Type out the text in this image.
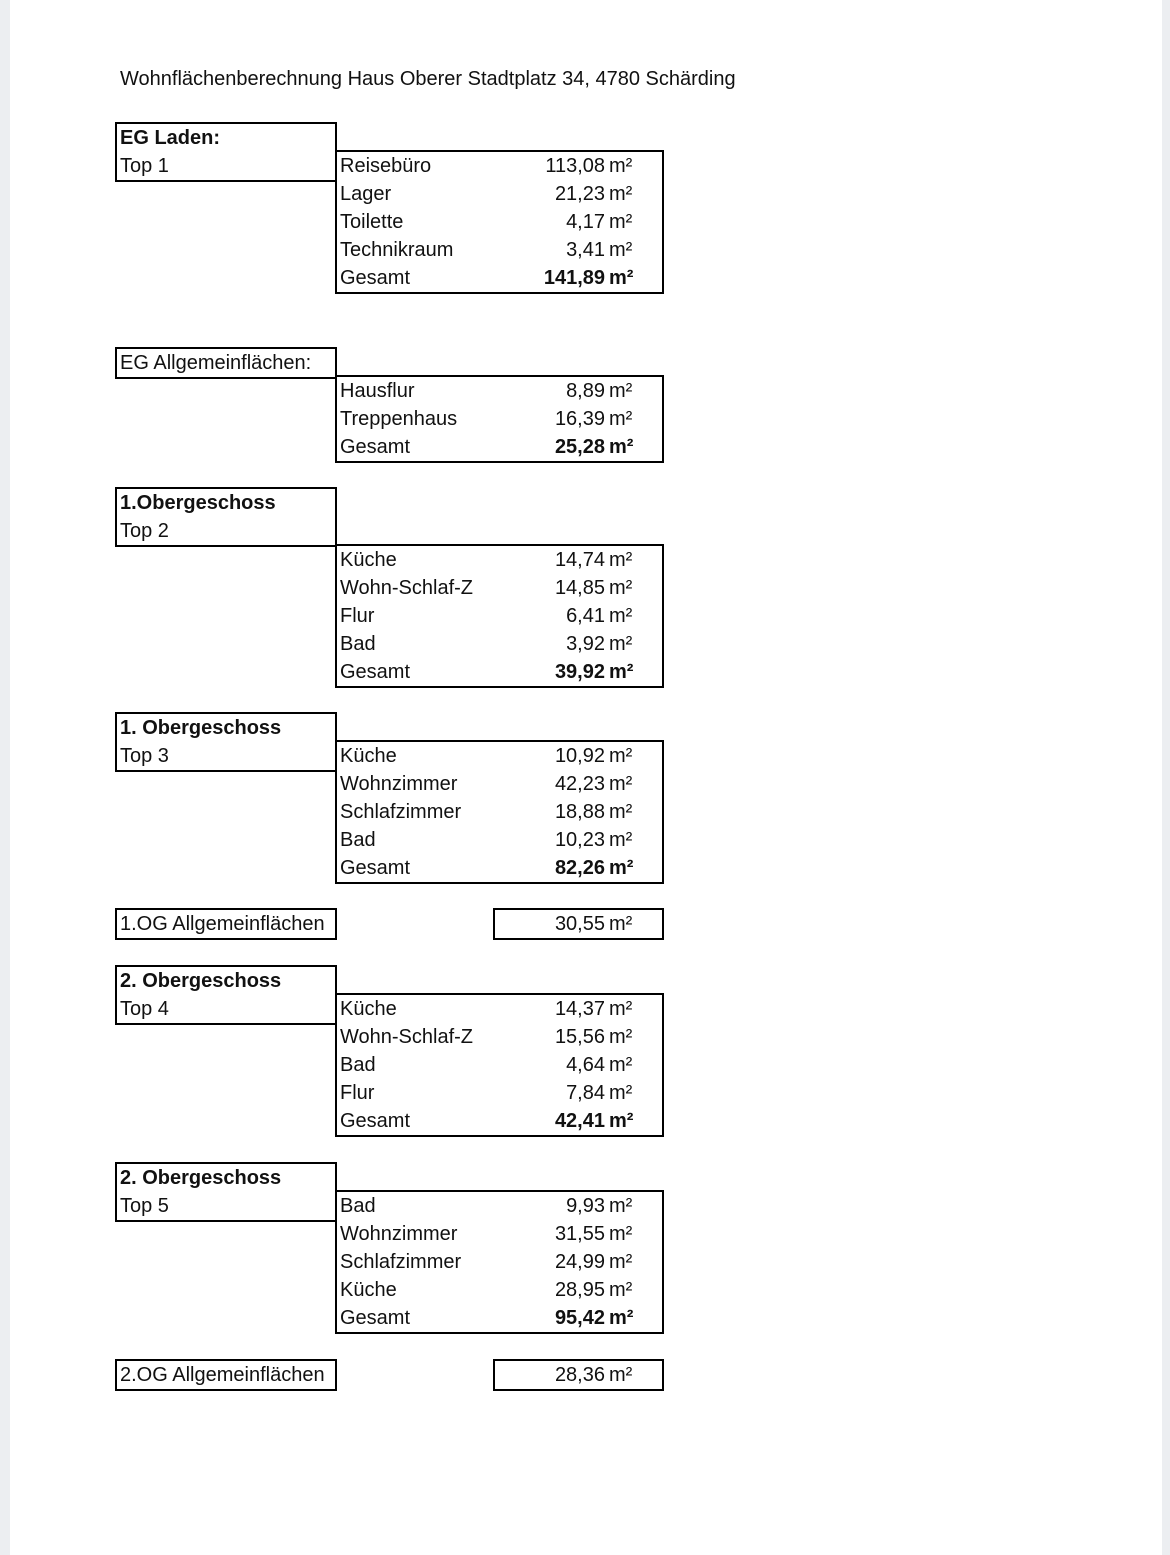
Wohnflächenberechnung Haus Oberer Stadtplatz 34, 4780 Schärding
EG Laden:
Top 1	Reisebüro	113,08 m²
Lager	21,23 m²
Toilette	4,17 m²
Technikraum	3,41 m²
Gesamt	141,89 m²
EG Allgemeinflächen:
Hausflur	8,89 m²
Treppenhaus	16,39 m²
Gesamt	25,28 m²
1.Obergeschoss
Top 2
Küche	14,74 m²
Wohn-Schlaf-Z	14,85 m²
Flur	6,41 m²
Bad	3,92 m²
Gesamt	39,92 m²
1. Obergeschoss
Top 3	Küche	10,92 m²
Wohnzimmer	42,23 m²
Schlafzimmer	18,88 m²
Bad	10,23 m²
Gesamt	82,26 m²
1.OG Allgemeinflächen	30,55 m²
2. Obergeschoss
Top 4	Küche	14,37 m²
Wohn-Schlaf-Z	15,56 m²
Bad	4,64 m²
Flur	7,84 m²
Gesamt	42,41 m²
2. Obergeschoss
Top 5	Bad	9,93 m²
Wohnzimmer	31,55 m²
Schlafzimmer	24,99 m²
Küche	28,95 m²
Gesamt	95,42 m²
2.OG Allgemeinflächen	28,36 m²
